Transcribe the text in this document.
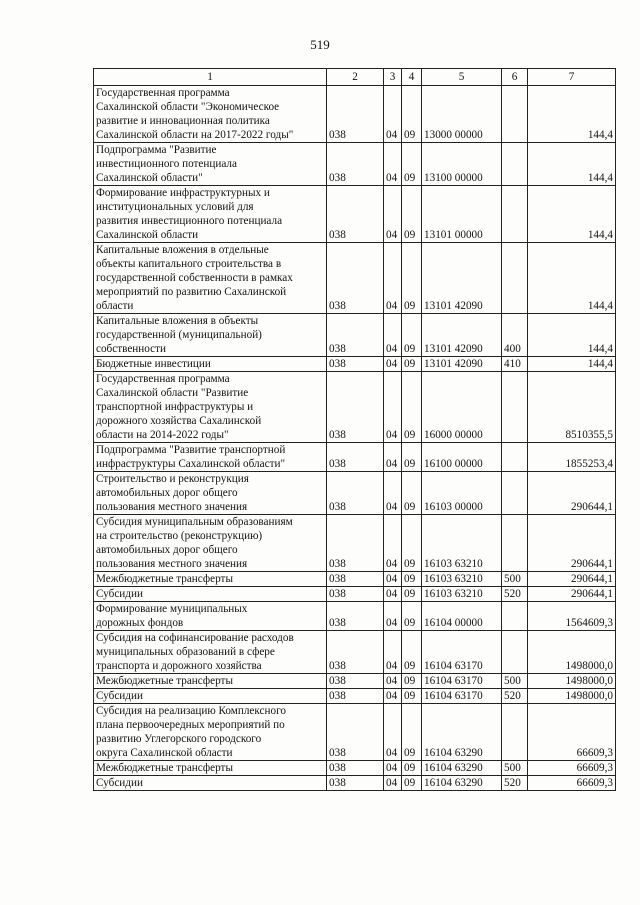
519
1	2	3	4	5	6	7

Государственная программа
Сахалинской области "Экономическое
развитие и инновационная политика
Сахалинской области на 2017-2022 годы"	038	04	09	13000 00000		144,4

Подпрограмма "Развитие
инвестиционного потенциала
Сахалинской области"	038	04	09	13100 00000		144,4

Формирование инфраструктурных и
институциональных условий для
развития инвестиционного потенциала
Сахалинской области	038	04	09	13101 00000		144,4

Капитальные вложения в отдельные
объекты капитального строительства в
государственной собственности в рамках
мероприятий по развитию Сахалинской
области	038	04	09	13101 42090		144,4

Капитальные вложения в объекты
государственной (муниципальной)
собственности	038	04	09	13101 42090	400	144,4

Бюджетные инвестиции	038	04	09	13101 42090	410	144,4

Государственная программа
Сахалинской области "Развитие
транспортной инфраструктуры и
дорожного хозяйства Сахалинской
области на 2014-2022 годы"	038	04	09	16000 00000		8510355,5

Подпрограмма "Развитие транспортной
инфраструктуры Сахалинской области"	038	04	09	16100 00000		1855253,4

Строительство и реконструкция
автомобильных дорог общего
пользования местного значения	038	04	09	16103 00000		290644,1

Субсидия муниципальным образованиям
на строительство (реконструкцию)
автомобильных дорог общего
пользования местного значения	038	04	09	16103 63210		290644,1

Межбюджетные трансферты	038	04	09	16103 63210	500	290644,1

Субсидии	038	04	09	16103 63210	520	290644,1

Формирование муниципальных
дорожных фондов	038	04	09	16104 00000		1564609,3

Субсидия на софинансирование расходов
муниципальных образований в сфере
транспорта и дорожного хозяйства	038	04	09	16104 63170		1498000,0

Межбюджетные трансферты	038	04	09	16104 63170	500	1498000,0

Субсидии	038	04	09	16104 63170	520	1498000,0

Субсидия на реализацию Комплексного
плана первоочередных мероприятий по
развитию Углегорского городского
округа Сахалинской области	038	04	09	16104 63290		66609,3

Межбюджетные трансферты	038	04	09	16104 63290	500	66609,3

Субсидии	038	04	09	16104 63290	520	66609,3
